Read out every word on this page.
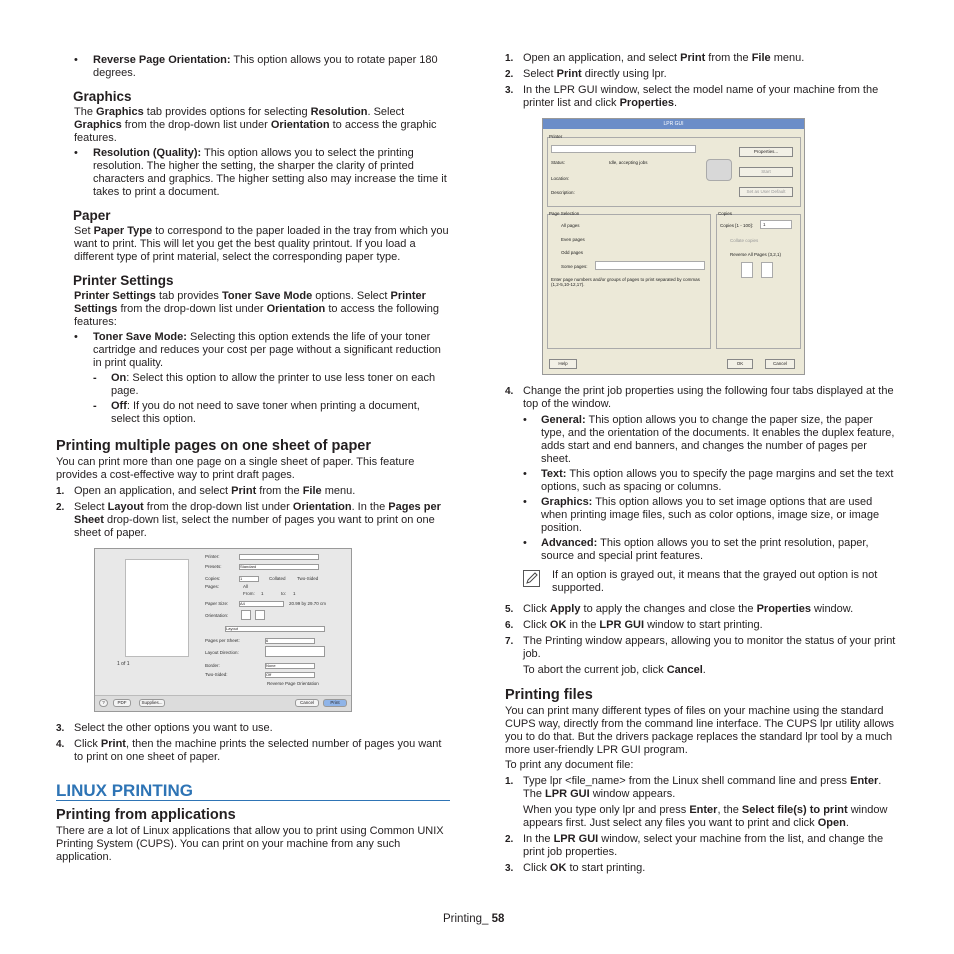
• Reverse Page Orientation: This option allows you to rotate paper 180 degrees.
Graphics

The Graphics tab provides options for selecting Resolution. Select Graphics from the drop-down list under Orientation to access the graphic features.

• Resolution (Quality): This option allows you to select the printing resolution. The higher the setting, the sharper the clarity of printed characters and graphics. The higher setting also may increase the time it takes to print a document.
Paper

Set Paper Type to correspond to the paper loaded in the tray from which you want to print. This will let you get the best quality printout. If you load a different type of print material, select the corresponding paper type.

Printer Settings

Printer Settings tab provides Toner Save Mode options. Select Printer Settings from the drop-down list under Orientation to access the following features:

• Toner Save Mode: Selecting this option extends the life of your toner cartridge and reduces your cost per page without a significant reduction in print quality.
- On: Select this option to allow the printer to use less toner on each page.
- Off: If you do not need to save toner when printing a document, select this option.
Printing multiple pages on one sheet of paper

You can print more than one page on a single sheet of paper. This feature provides a cost-effective way to print draft pages.

1. Open an application, and select Print from the File menu.
2. Select Layout from the drop-down list under Orientation. In the Pages per Sheet drop-down list, select the number of pages you want to print on one sheet of paper.
1 of 1
Printer:
Presets:	Standard
Copies:	1	Collated	Two-Sided
Pages:	All
From: 1	to: 1
Paper Size:	A4	20.99 by 29.70 cm
Orientation:
Layout
Pages per Sheet:	6
Layout Direction:
Border:	None
Two-Sided:	Off
Reverse Page Orientation
?	PDF	Supplies...	Cancel	Print
3. Select the other options you want to use.
4. Click Print, then the machine prints the selected number of pages you want to print on one sheet of paper.
LINUX PRINTING
Printing from applications

There are a lot of Linux applications that allow you to print using Common UNIX Printing System (CUPS). You can print on your machine from any such application.

1. Open an application, and select Print from the File menu.
2. Select Print directly using lpr.
3. In the LPR GUI window, select the model name of your machine from the printer list and click Properties.
LPR GUI
Printer
Status:	Idle, accepting jobs
Location:
Description:
Properties...
Start
Set as User Default
Page Selection
All pages
Even pages
Odd pages
Some pages:
Enter page numbers and/or groups of pages to print separated by commas (1,2-5,10-12,17).
Copies
Copies [1 - 100]:	1
Collate copies
Reverse All Pages (3,2,1)
Help	OK	Cancel
4. Change the print job properties using the following four tabs displayed at the top of the window.
• General: This option allows you to change the paper size, the paper type, and the orientation of the documents. It enables the duplex feature, adds start and end banners, and changes the number of pages per sheet.
• Text: This option allows you to specify the page margins and set the text options, such as spacing or columns.
• Graphics: This option allows you to set image options that are used when printing image files, such as color options, image size, or image position.
• Advanced: This option allows you to set the print resolution, paper, source and special print features.
If an option is grayed out, it means that the grayed out option is not supported.
5. Click Apply to apply the changes and close the Properties window.
6. Click OK in the LPR GUI window to start printing.
7. The Printing window appears, allowing you to monitor the status of your print job.
To abort the current job, click Cancel.
Printing files

You can print many different types of files on your machine using the standard CUPS way, directly from the command line interface. The CUPS lpr utility allows you to do that. But the drivers package replaces the standard lpr tool by a much more user-friendly LPR GUI program.

To print any document file:

1. Type lpr <file_name> from the Linux shell command line and press Enter. The LPR GUI window appears.
When you type only lpr and press Enter, the Select file(s) to print window appears first. Just select any files you want to print and click Open.
2. In the LPR GUI window, select your machine from the list, and change the print job properties.
3. Click OK to start printing.
Printing_ 58
